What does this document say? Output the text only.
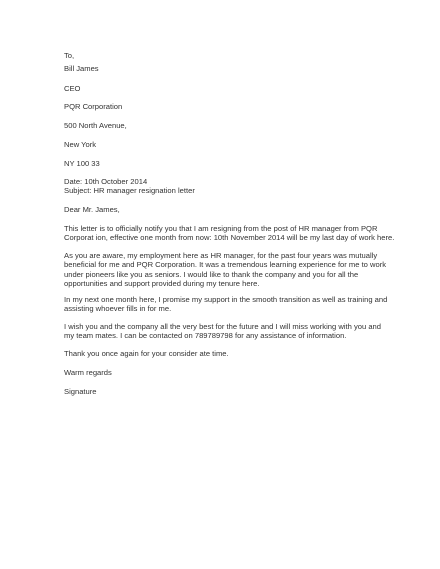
To,
Bill James
CEO
PQR Corporation
500 North Avenue,
New York
NY 100 33
Date: 10th October 2014
Subject: HR manager resignation letter
Dear Mr. James,
This letter is to officially notify you that I am resigning from the post of HR manager from PQR
Corporat ion, effective one month from now: 10th November 2014 will be my last day of work here.
As you are aware, my employment here as HR manager, for the past four years was mutually
beneficial for me and PQR Corporation. It was a tremendous learning experience for me to work
under pioneers like you as seniors. I would like to thank the company and you for all the
opportunities and support provided during my tenure here.
In my next one month here, I promise my support in the smooth transition as well as training and
assisting whoever fills in for me.
I wish you and the company all the very best for the future and I will miss working with you and
my team mates. I can be contacted on 789789798 for any assistance of information.
Thank you once again for your consider ate time.
Warm regards
Signature
